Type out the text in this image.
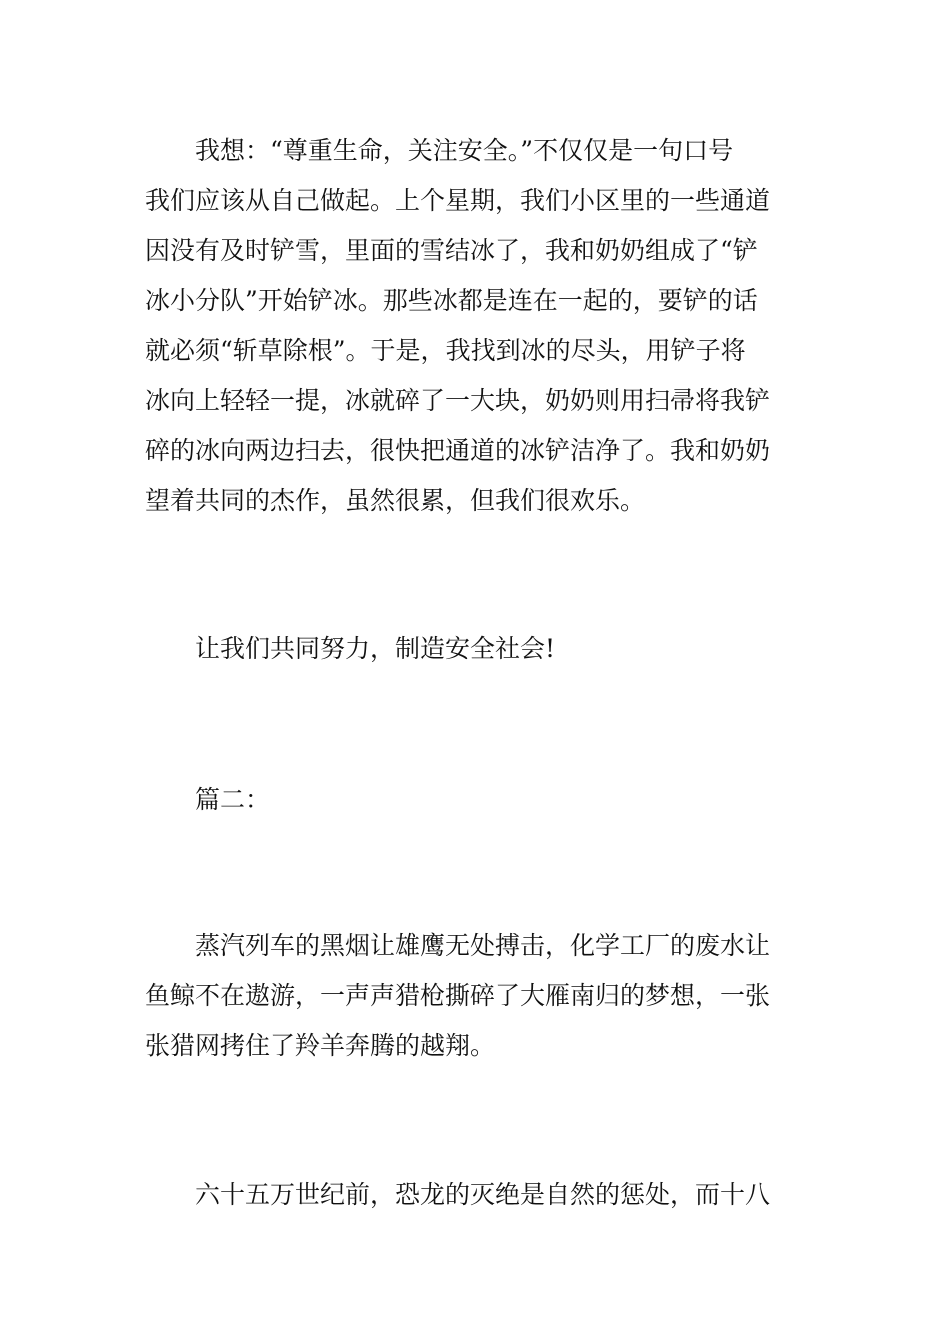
我想：“尊重生命，关注安全。”不仅仅是一句口号
我们应该从自己做起。上个星期，我们小区里的一些通道
因没有及时铲雪，里面的雪结冰了，我和奶奶组成了“铲
冰小分队”开始铲冰。那些冰都是连在一起的，要铲的话
就必须“斩草除根”。于是，我找到冰的尽头，用铲子将
冰向上轻轻一提，冰就碎了一大块，奶奶则用扫帚将我铲
碎的冰向两边扫去，很快把通道的冰铲洁净了。我和奶奶
望着共同的杰作，虽然很累，但我们很欢乐。
让我们共同努力，制造安全社会!
篇二：
蒸汽列车的黑烟让雄鹰无处搏击，化学工厂的废水让
鱼鲸不在遨游，一声声猎枪撕碎了大雁南归的梦想，一张
张猎网拷住了羚羊奔腾的越翔。
六十五万世纪前，恐龙的灭绝是自然的惩处，而十八
